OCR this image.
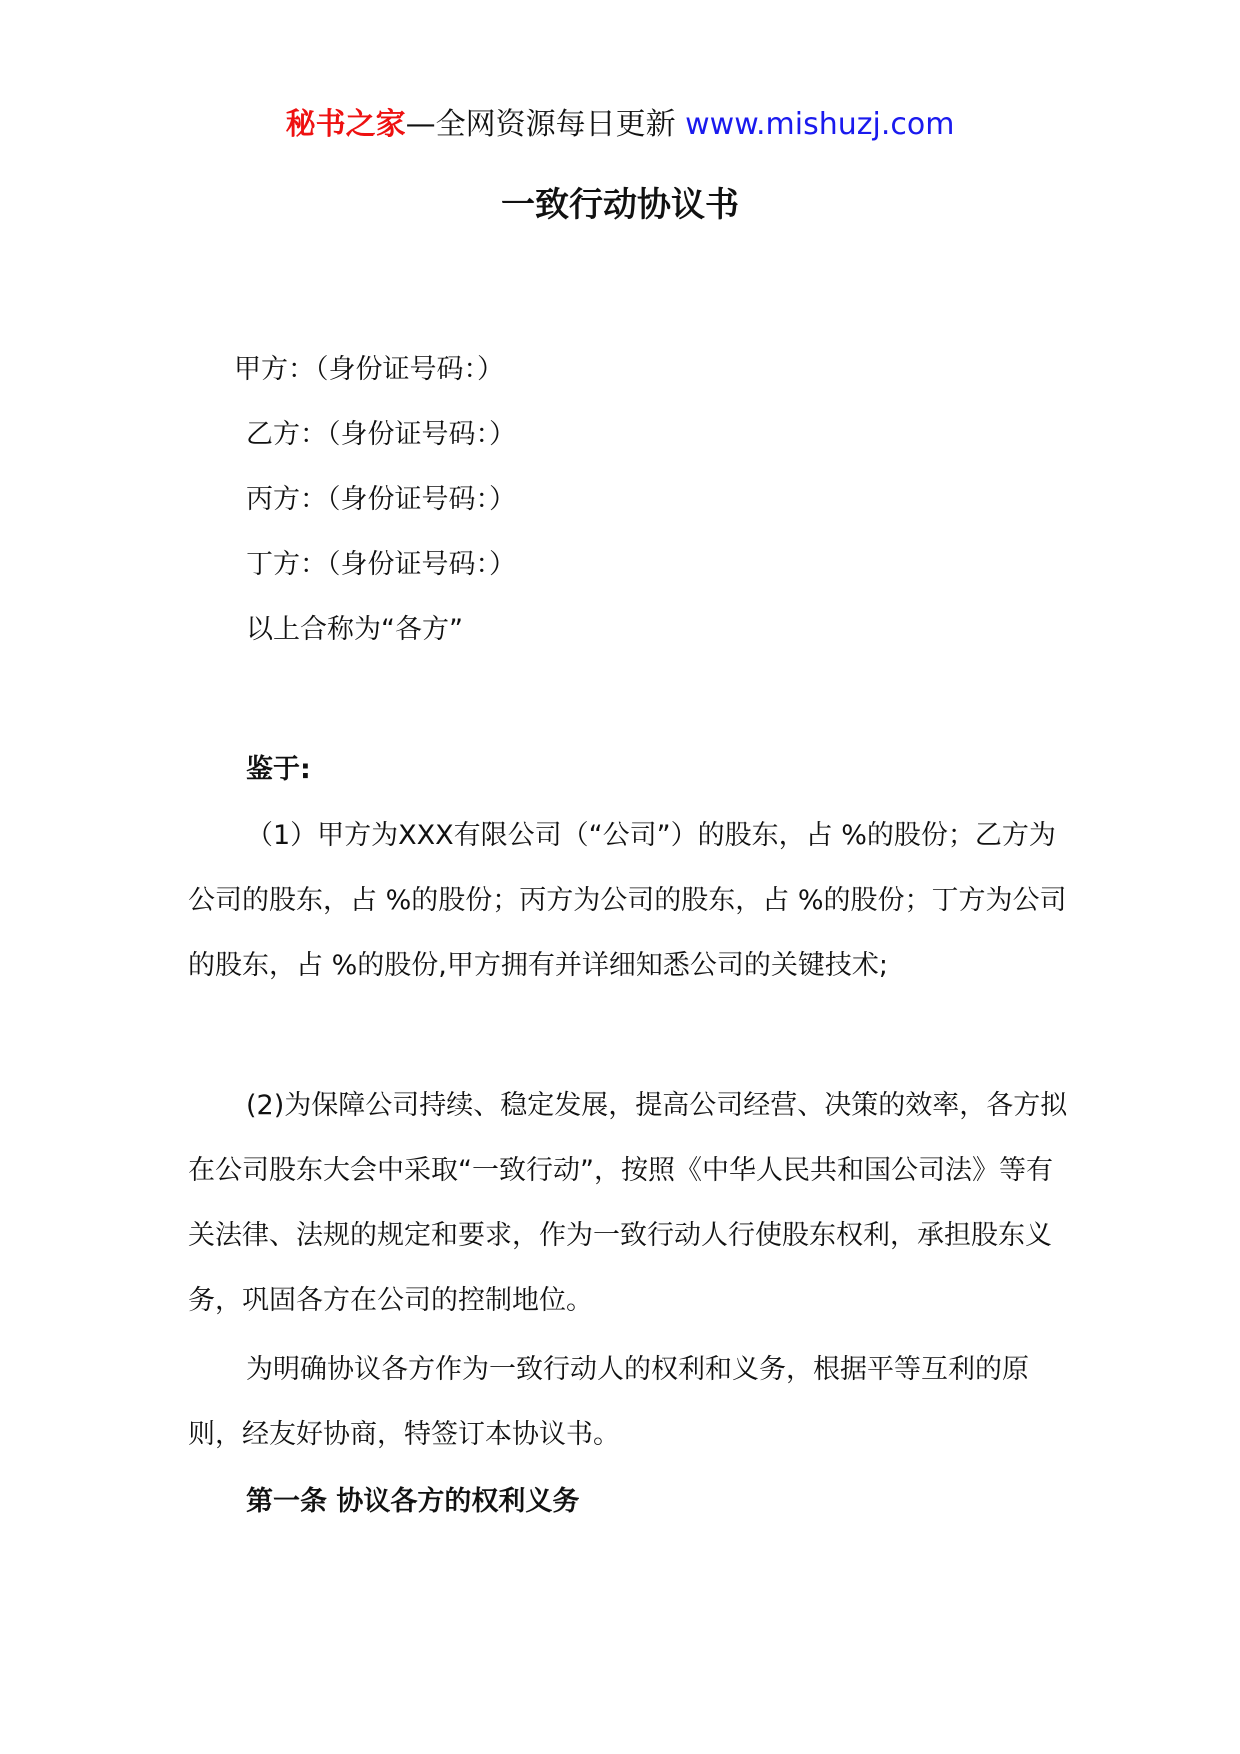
秘书之家—全网资源每日更新 www.mishuzj.com
一致行动协议书
甲方：（身份证号码：）
乙方：（身份证号码：）
丙方：（身份证号码：）
丁方：（身份证号码：）
以上合称为“各方”
鉴于:

（1）甲方为XXX有限公司（“公司”）的股东，占 %的股份；乙方为公司的股东，占 %的股份；丙方为公司的股东，占 %的股份；丁方为公司的股东，占 %的股份,甲方拥有并详细知悉公司的关键技术;

(2)为保障公司持续、稳定发展，提高公司经营、决策的效率，各方拟在公司股东大会中采取“一致行动”，按照《中华人民共和国公司法》等有关法律、法规的规定和要求，作为一致行动人行使股东权利，承担股东义务，巩固各方在公司的控制地位。

为明确协议各方作为一致行动人的权利和义务，根据平等互利的原则，经友好协商，特签订本协议书。

第一条 协议各方的权利义务
